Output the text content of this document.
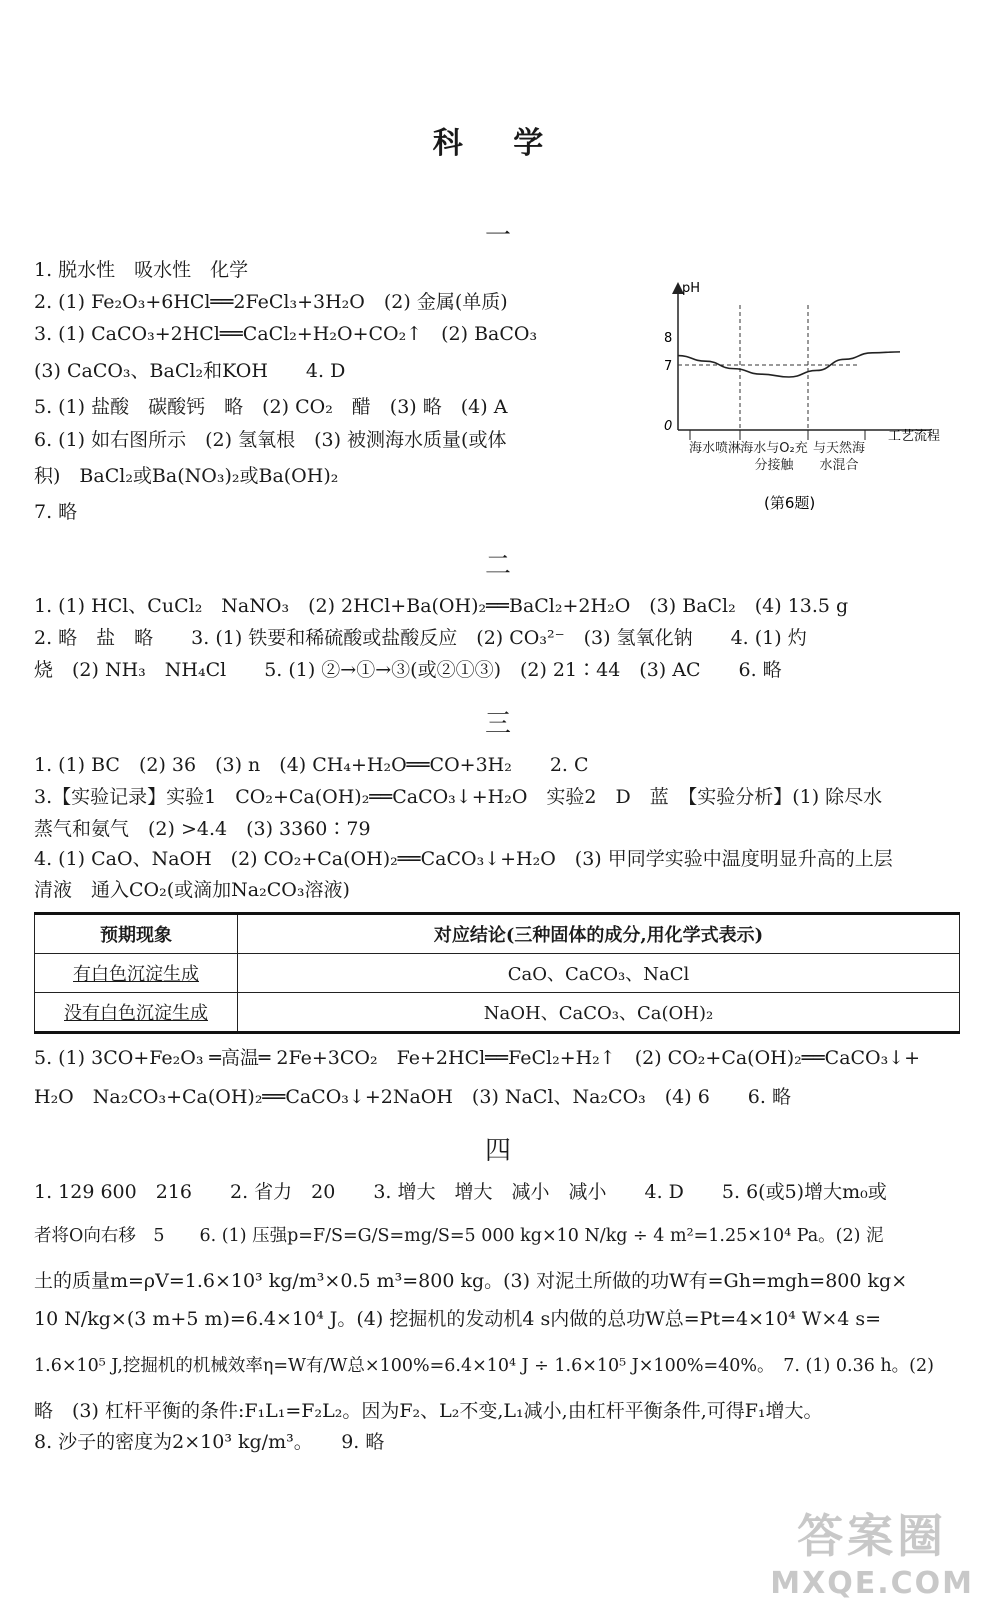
科 学
一
1. 脱水性　吸水性　化学
2. (1) Fe₂O₃+6HCl══2FeCl₃+3H₂O　(2) 金属(单质)
3. (1) CaCO₃+2HCl══CaCl₂+H₂O+CO₂↑　(2) BaCO₃
(3) CaCO₃、BaCl₂和KOH　　4. D
5. (1) 盐酸　碳酸钙　略　(2) CO₂　醋　(3) 略　(4) A
6. (1) 如右图所示　(2) 氢氧根　(3) 被测海水质量(或体
积)　BaCl₂或Ba(NO₃)₂或Ba(OH)₂
7. 略
pH
8
7
0
工艺流程
海水喷淋 海水与O₂充分接触
与天然海水混合
(第6题)
二
1. (1) HCl、CuCl₂　NaNO₃　(2) 2HCl+Ba(OH)₂══BaCl₂+2H₂O　(3) BaCl₂　(4) 13.5 g
2. 略　盐　略　　3. (1) 铁要和稀硫酸或盐酸反应　(2) CO₃²⁻　(3) 氢氧化钠　　4. (1) 灼
烧　(2) NH₃　NH₄Cl　　5. (1) ②→①→③(或②①③)　(2) 21∶44　(3) AC　　6. 略
三
1. (1) BC　(2) 36　(3) n　(4) CH₄+H₂O══CO+3H₂　　2. C
3.【实验记录】实验1　CO₂+Ca(OH)₂══CaCO₃↓+H₂O　实验2　D　蓝　【实验分析】(1) 除尽水
蒸气和氨气　(2) >4.4　(3) 3360∶79
4. (1) CaO、NaOH　(2) CO₂+Ca(OH)₂══CaCO₃↓+H₂O　(3) 甲同学实验中温度明显升高的上层
清液　通入CO₂(或滴加Na₂CO₃溶液)
预期现象	对应结论(三种固体的成分,用化学式表示)
有白色沉淀生成	CaO、CaCO₃、NaCl
没有白色沉淀生成	NaOH、CaCO₃、Ca(OH)₂
5. (1) 3CO+Fe₂O₃ ═高温═ 2Fe+3CO₂　Fe+2HCl══FeCl₂+H₂↑　(2) CO₂+Ca(OH)₂══CaCO₃↓+
H₂O　Na₂CO₃+Ca(OH)₂══CaCO₃↓+2NaOH　(3) NaCl、Na₂CO₃　(4) 6　　6. 略
四
1. 129 600　216　　2. 省力　20　　3. 增大　增大　减小　减小　　4. D　　5. 6(或5)增大m₀或
者将O向右移　5　　6. (1) 压强p=F/S=G/S=mg/S=5 000 kg×10 N/kg ÷ 4 m²=1.25×10⁴ Pa。(2) 泥
土的质量m=ρV=1.6×10³ kg/m³×0.5 m³=800 kg。(3) 对泥土所做的功W有=Gh=mgh=800 kg×
10 N/kg×(3 m+5 m)=6.4×10⁴ J。(4) 挖掘机的发动机4 s内做的总功W总=Pt=4×10⁴ W×4 s=
1.6×10⁵ J,挖掘机的机械效率η=W有/W总×100%=6.4×10⁴ J ÷ 1.6×10⁵ J×100%=40%。　7. (1) 0.36 h。(2)
略　(3) 杠杆平衡的条件:F₁L₁=F₂L₂。因为F₂、L₂不变,L₁减小,由杠杆平衡条件,可得F₁增大。
8. 沙子的密度为2×10³ kg/m³。　　9. 略
答案圈
MXQE.COM
